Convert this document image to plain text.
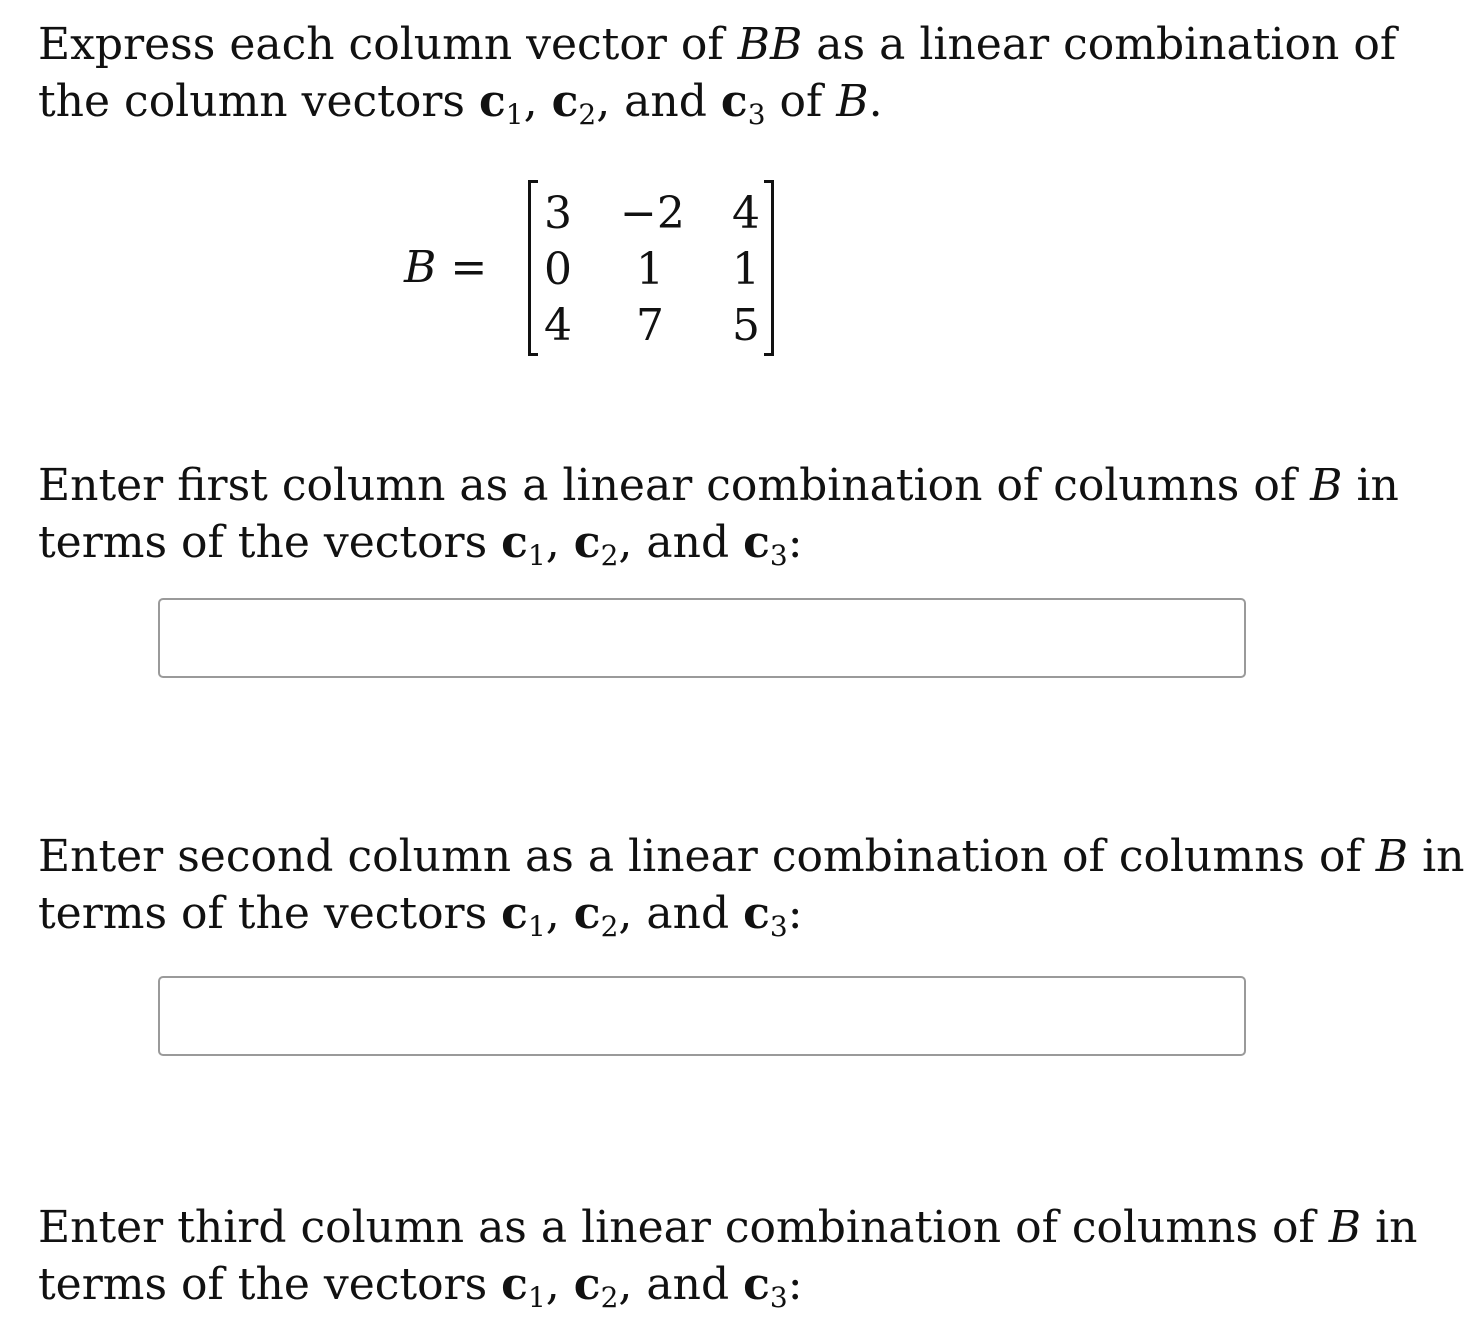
Express each column vector of BB as a linear combination of
the column vectors $c_1$, $c_2$, and $c_3$ of B.
B =
3	−2	4
0	1	1
4	7	5
Enter first column as a linear combination of columns of B in
terms of the vectors $c_1$, $c_2$, and $c_3$:
Enter second column as a linear combination of columns of B in
terms of the vectors $c_1$, $c_2$, and $c_3$:
Enter third column as a linear combination of columns of B in
terms of the vectors $c_1$, $c_2$, and $c_3$:
